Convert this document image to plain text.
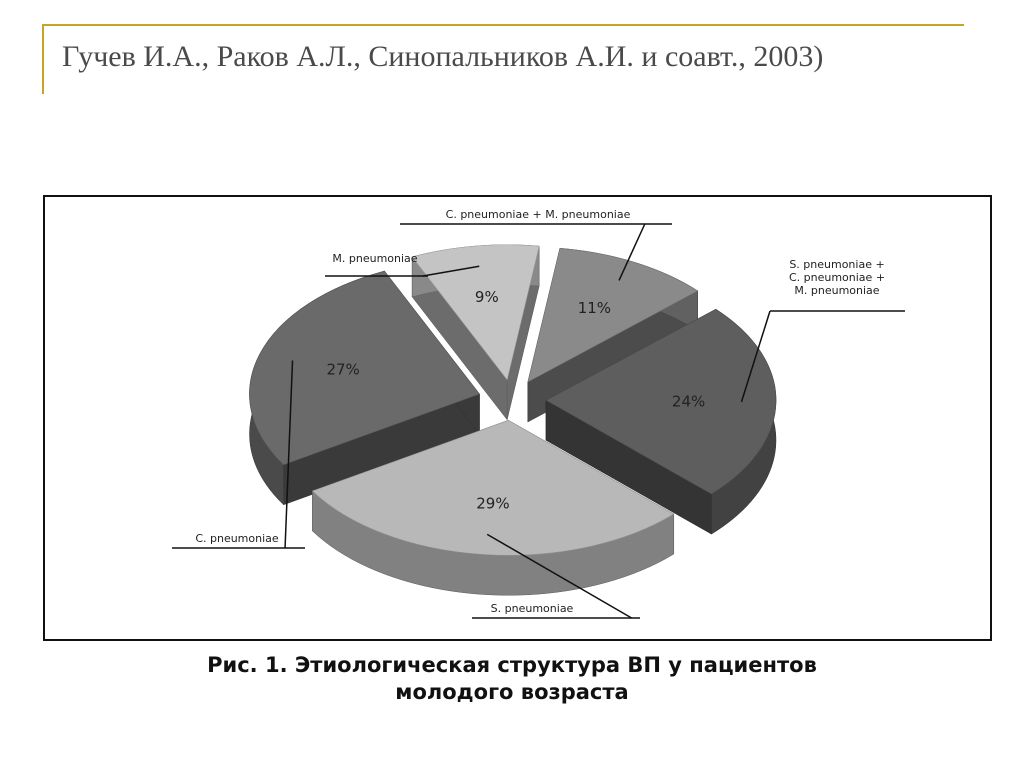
Гучев И.А., Раков А.Л., Синопальников А.И. и соавт., 2003)
9%
11%
27%
24%
29%
C. pneumoniae + M. pneumoniae
S. pneumoniae +
C. pneumoniae +
M. pneumoniae
S. pneumoniae
C. pneumoniae
M. pneumoniae
Рис. 1. Этиологическая структура ВП у пациентов
молодого возраста
